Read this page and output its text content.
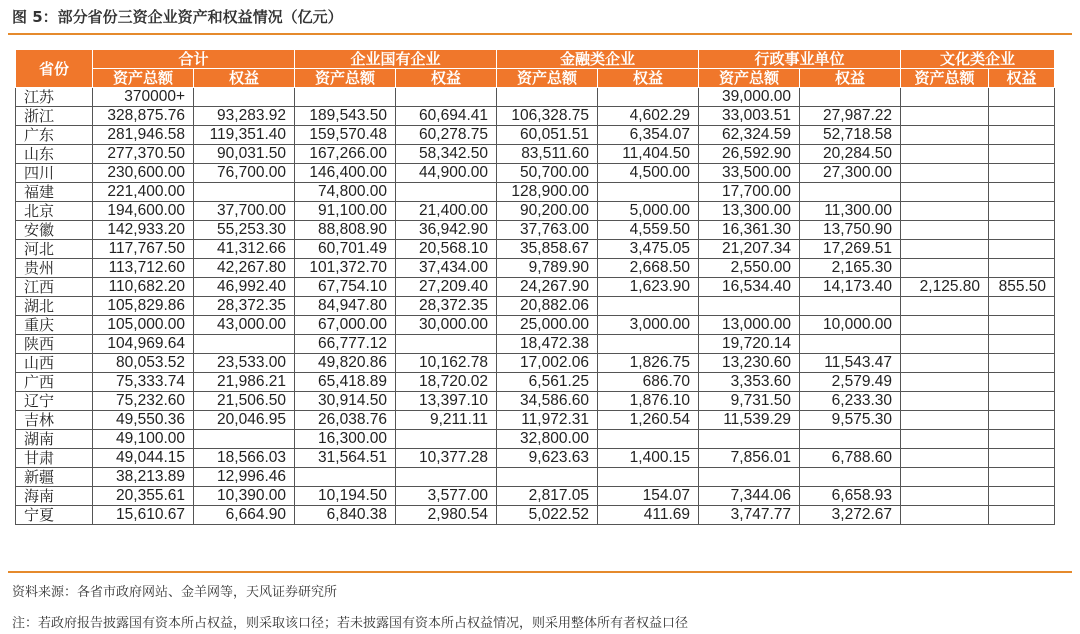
图 5：部分省份三资企业资产和权益情况（亿元）
省份	合计		企业国有企业		金融类企业		行政事业单位		文化类企业	
	资产总额	权益	资产总额	权益	资产总额	权益	资产总额	权益	资产总额	权益
江苏	370000+						39,000.00			
浙江	328,875.76	93,283.92	189,543.50	60,694.41	106,328.75	4,602.29	33,003.51	27,987.22		
广东	281,946.58	119,351.40	159,570.48	60,278.75	60,051.51	6,354.07	62,324.59	52,718.58		
山东	277,370.50	90,031.50	167,266.00	58,342.50	83,511.60	11,404.50	26,592.90	20,284.50		
四川	230,600.00	76,700.00	146,400.00	44,900.00	50,700.00	4,500.00	33,500.00	27,300.00		
福建	221,400.00		74,800.00		128,900.00		17,700.00			
北京	194,600.00	37,700.00	91,100.00	21,400.00	90,200.00	5,000.00	13,300.00	11,300.00		
安徽	142,933.20	55,253.30	88,808.90	36,942.90	37,763.00	4,559.50	16,361.30	13,750.90		
河北	117,767.50	41,312.66	60,701.49	20,568.10	35,858.67	3,475.05	21,207.34	17,269.51		
贵州	113,712.60	42,267.80	101,372.70	37,434.00	9,789.90	2,668.50	2,550.00	2,165.30		
江西	110,682.20	46,992.40	67,754.10	27,209.40	24,267.90	1,623.90	16,534.40	14,173.40	2,125.80	855.50
湖北	105,829.86	28,372.35	84,947.80	28,372.35	20,882.06					
重庆	105,000.00	43,000.00	67,000.00	30,000.00	25,000.00	3,000.00	13,000.00	10,000.00		
陕西	104,969.64		66,777.12		18,472.38		19,720.14			
山西	80,053.52	23,533.00	49,820.86	10,162.78	17,002.06	1,826.75	13,230.60	11,543.47		
广西	75,333.74	21,986.21	65,418.89	18,720.02	6,561.25	686.70	3,353.60	2,579.49		
辽宁	75,232.60	21,506.50	30,914.50	13,397.10	34,586.60	1,876.10	9,731.50	6,233.30		
吉林	49,550.36	20,046.95	26,038.76	9,211.11	11,972.31	1,260.54	11,539.29	9,575.30		
湖南	49,100.00		16,300.00		32,800.00					
甘肃	49,044.15	18,566.03	31,564.51	10,377.28	9,623.63	1,400.15	7,856.01	6,788.60		
新疆	38,213.89	12,996.46								
海南	20,355.61	10,390.00	10,194.50	3,577.00	2,817.05	154.07	7,344.06	6,658.93		
宁夏	15,610.67	6,664.90	6,840.38	2,980.54	5,022.52	411.69	3,747.77	3,272.67		
资料来源：各省市政府网站、金羊网等，天风证券研究所
注：若政府报告披露国有资本所占权益，则采取该口径；若未披露国有资本所占权益情况，则采用整体所有者权益口径
